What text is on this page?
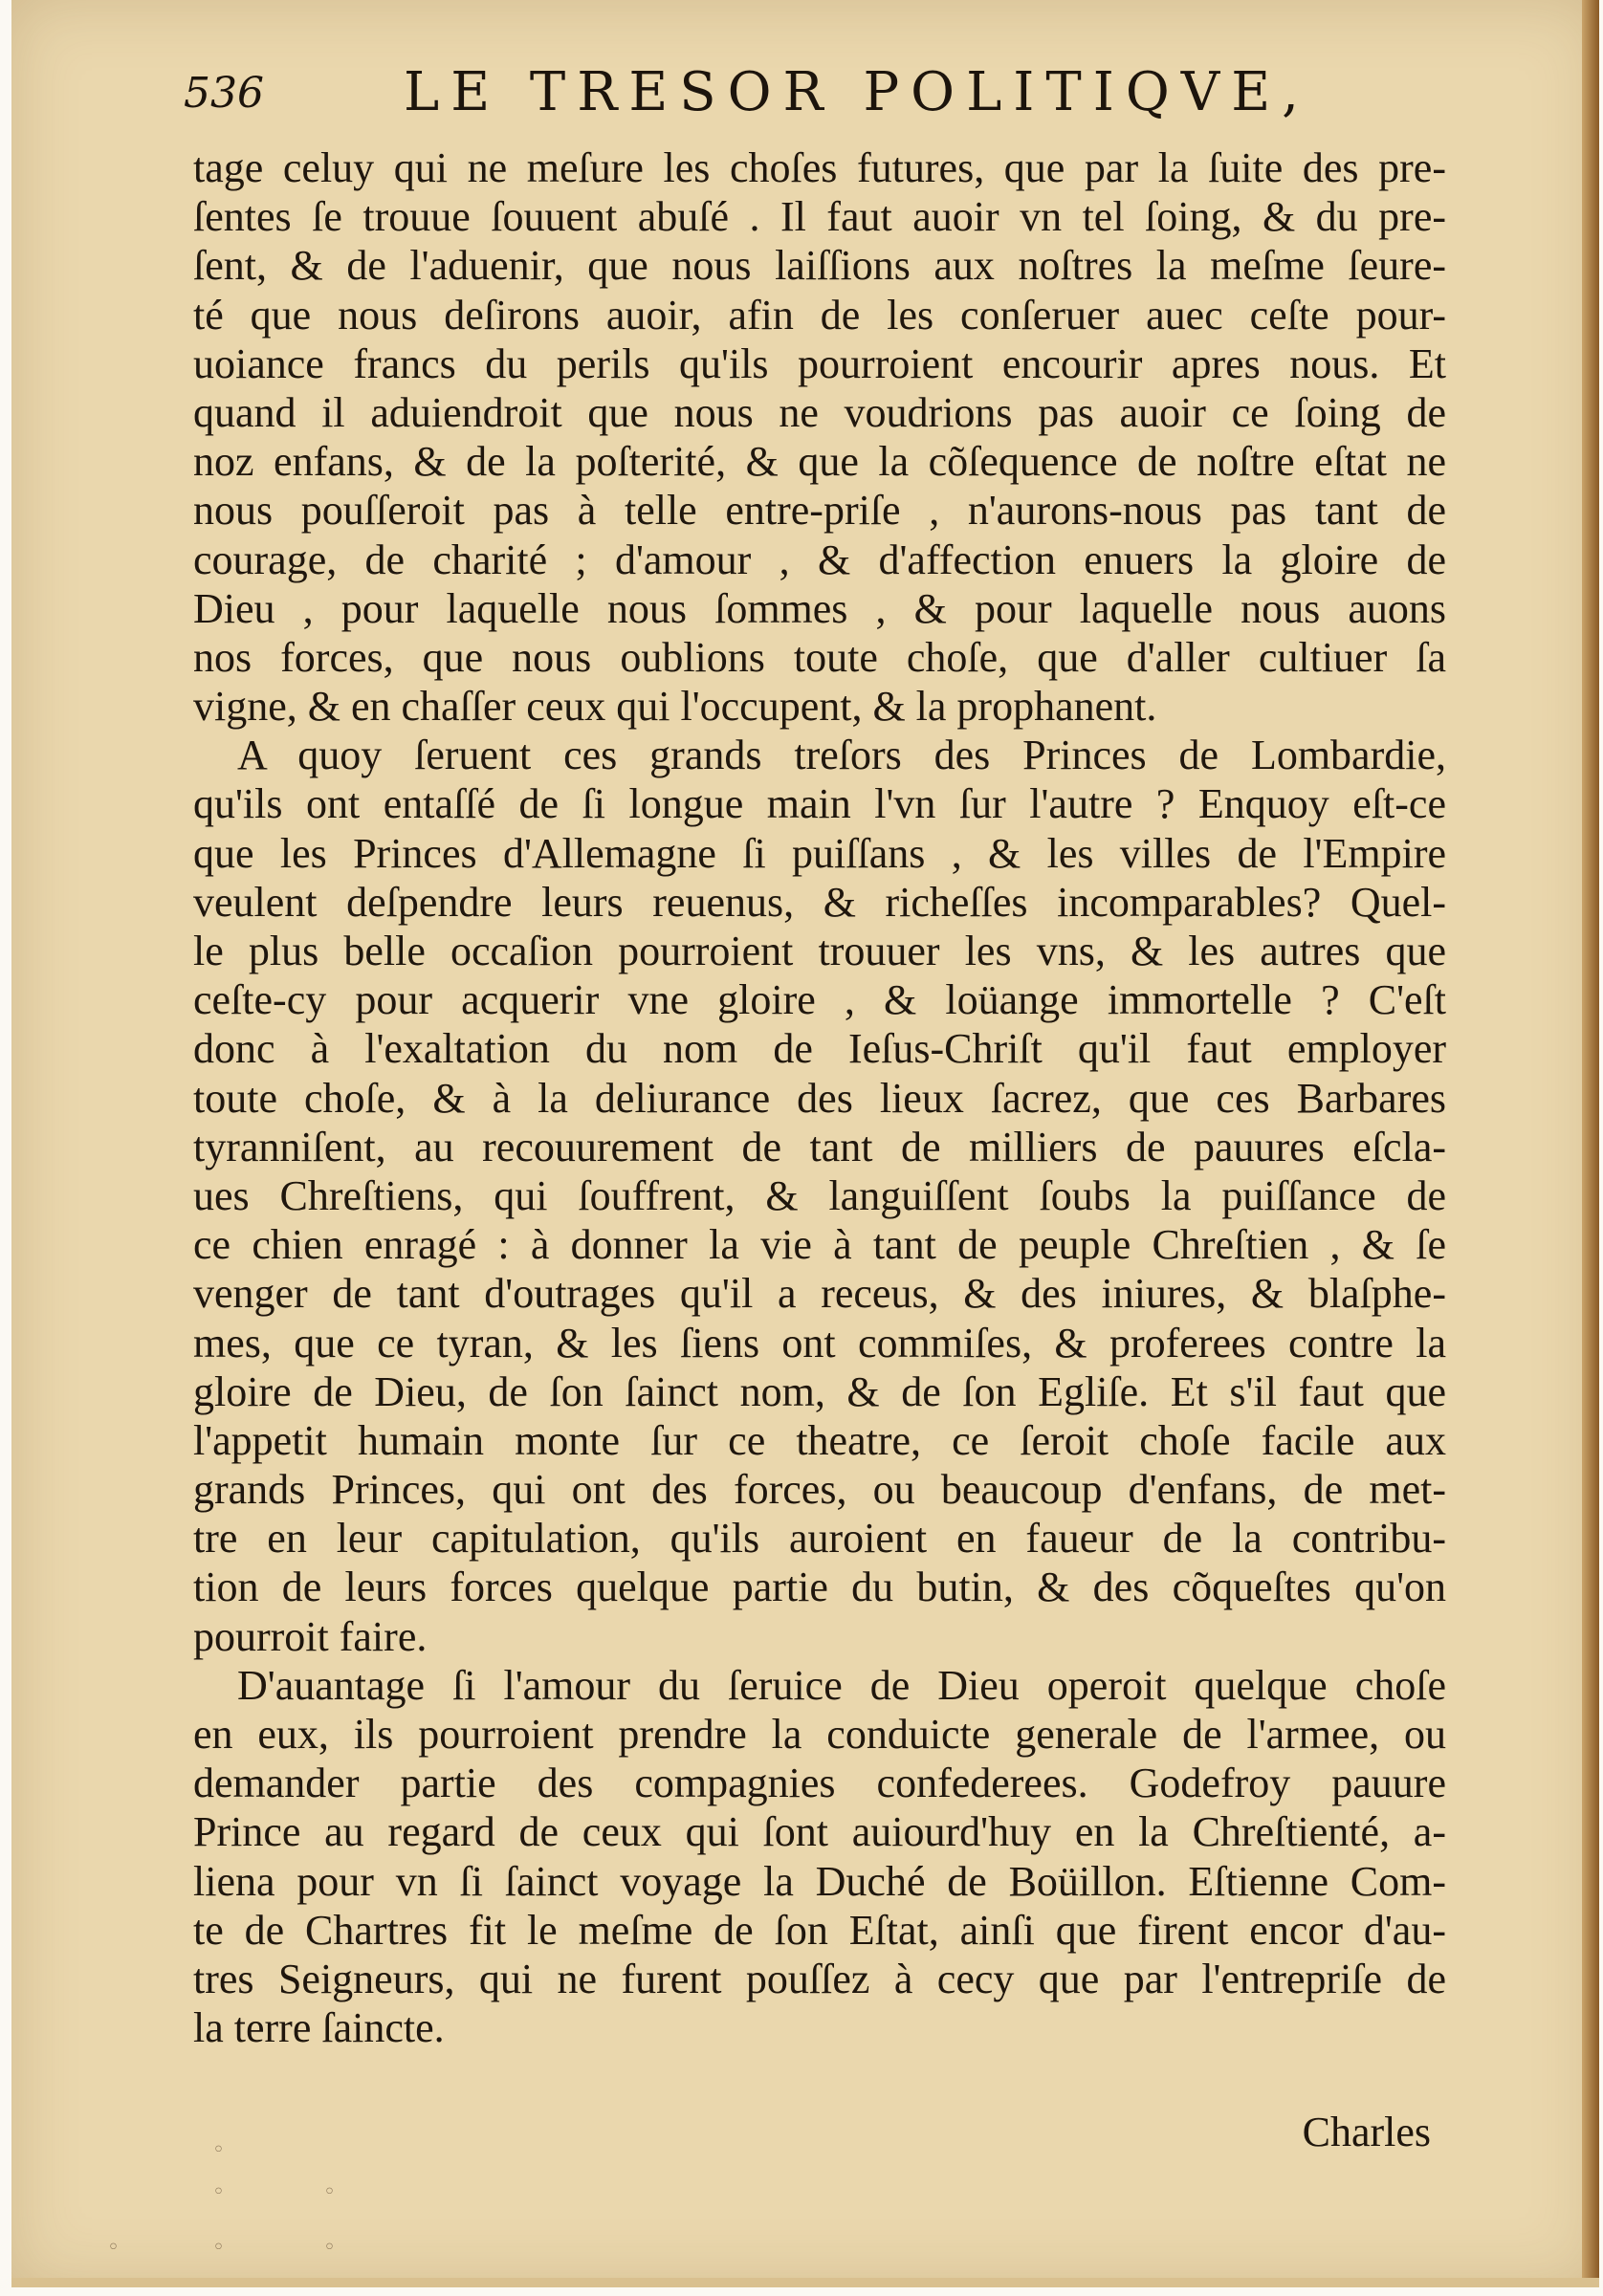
536	LE TRESOR POLITIQVE,
tage celuy qui ne meſure les choſes futures, que par la ſuite des pre-
ſentes ſe trouue ſouuent abuſé . Il faut auoir vn tel ſoing, & du pre-
ſent, & de l'aduenir, que nous laiſſions aux noſtres la meſme ſeure-
té que nous deſirons auoir, afin de les conſeruer auec ceſte pour-
uoiance francs du perils qu'ils pourroient encourir apres nous. Et
quand il aduiendroit que nous ne voudrions pas auoir ce ſoing de
noz enfans, & de la poſterité, & que la cõſequence de noſtre eſtat ne
nous pouſſeroit pas à telle entre-priſe , n'aurons-nous pas tant de
courage, de charité ; d'amour , & d'affection enuers la gloire de
Dieu , pour laquelle nous ſommes , & pour laquelle nous auons
nos forces, que nous oublions toute choſe, que d'aller cultiuer ſa
vigne, & en chaſſer ceux qui l'occupent, & la prophanent.
A quoy ſeruent ces grands treſors des Princes de Lombardie,
qu'ils ont entaſſé de ſi longue main l'vn ſur l'autre ? Enquoy eſt-ce
que les Princes d'Allemagne ſi puiſſans , & les villes de l'Empire
veulent deſpendre leurs reuenus, & richeſſes incomparables? Quel-
le plus belle occaſion pourroient trouuer les vns, & les autres que
ceſte-cy pour acquerir vne gloire , & loüange immortelle ? C'eſt
donc à l'exaltation du nom de Ieſus-Chriſt qu'il faut employer
toute choſe, & à la deliurance des lieux ſacrez, que ces Barbares
tyranniſent, au recouurement de tant de milliers de pauures eſcla-
ues Chreſtiens, qui ſouffrent, & languiſſent ſoubs la puiſſance de
ce chien enragé : à donner la vie à tant de peuple Chreſtien , & ſe
venger de tant d'outrages qu'il a receus, & des iniures, & blaſphe-
mes, que ce tyran, & les ſiens ont commiſes, & proferees contre la
gloire de Dieu, de ſon ſainct nom, & de ſon Egliſe. Et s'il faut que
l'appetit humain monte ſur ce theatre, ce ſeroit choſe facile aux
grands Princes, qui ont des forces, ou beaucoup d'enfans, de met-
tre en leur capitulation, qu'ils auroient en faueur de la contribu-
tion de leurs forces quelque partie du butin, & des cõqueſtes qu'on
pourroit faire.
D'auantage ſi l'amour du ſeruice de Dieu operoit quelque choſe
en eux, ils pourroient prendre la conduicte generale de l'armee, ou
demander partie des compagnies confederees. Godefroy pauure
Prince au regard de ceux qui ſont auiourd'huy en la Chreſtienté, a-
liena pour vn ſi ſainct voyage la Duché de Boüillon. Eſtienne Com-
te de Chartres fit le meſme de ſon Eſtat, ainſi que firent encor d'au-
tres Seigneurs, qui ne furent pouſſez à cecy que par l'entrepriſe de
la terre ſaincte.
Charles
◦
◦	◦
◦	◦	◦
